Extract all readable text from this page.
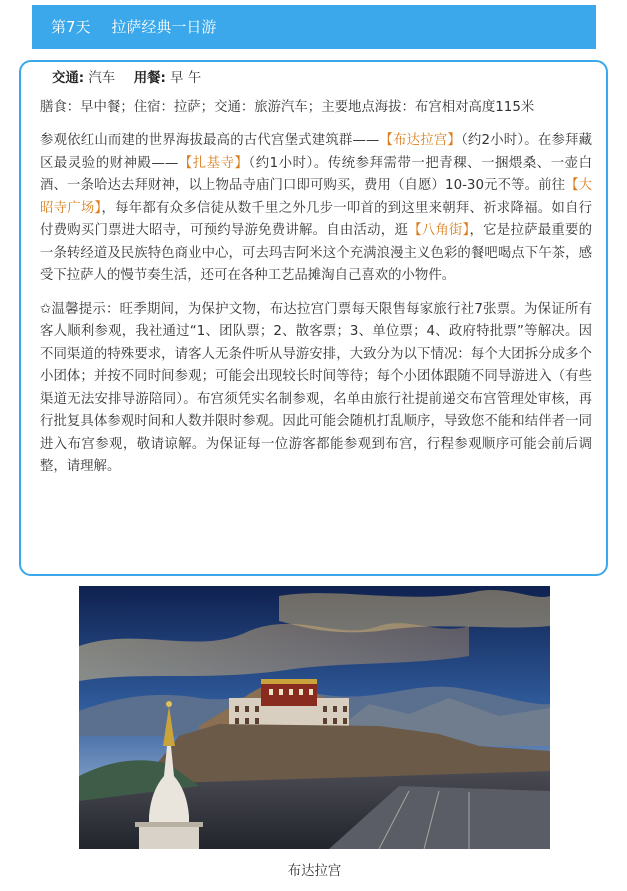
第7天 拉萨经典一日游
交通: 汽车 用餐: 早 午

膳食：早中餐；住宿：拉萨；交通：旅游汽车；主要地点海拔：布宫相对高度115米

参观依红山而建的世界海拔最高的古代宫堡式建筑群——【布达拉宫】（约2小时）。在参拜藏区最灵验的财神殿——【扎基寺】（约1小时）。传统参拜需带一把青稞、一捆煨桑、一壶白酒、一条哈达去拜财神，以上物品寺庙门口即可购买，费用（自愿）10-30元不等。前往【大昭寺广场】，每年都有众多信徒从数千里之外几步一叩首的到这里来朝拜、祈求降福。如自行付费购买门票进大昭寺，可预约导游免费讲解。自由活动，逛【八角街】，它是拉萨最重要的一条转经道及民族特色商业中心，可去玛吉阿米这个充满浪漫主义色彩的餐吧喝点下午茶，感受下拉萨人的慢节奏生活，还可在各种工艺品摊淘自己喜欢的小物件。

✩温馨提示：旺季期间，为保护文物，布达拉宫门票每天限售每家旅行社7张票。为保证所有客人顺利参观，我社通过“1、团队票；2、散客票；3、单位票；4、政府特批票”等解决。因不同渠道的特殊要求，请客人无条件听从导游安排，大致分为以下情况：每个大团拆分成多个小团体；并按不同时间参观；可能会出现较长时间等待；每个小团体跟随不同导游进入（有些渠道无法安排导游陪同）。布宫须凭实名制参观，名单由旅行社提前递交布宫管理处审核，再行批复具体参观时间和人数并限时参观。因此可能会随机打乱顺序，导致您不能和结伴者一同进入布宫参观，敬请谅解。为保证每一位游客都能参观到布宫，行程参观顺序可能会前后调整，请理解。

布达拉宫
